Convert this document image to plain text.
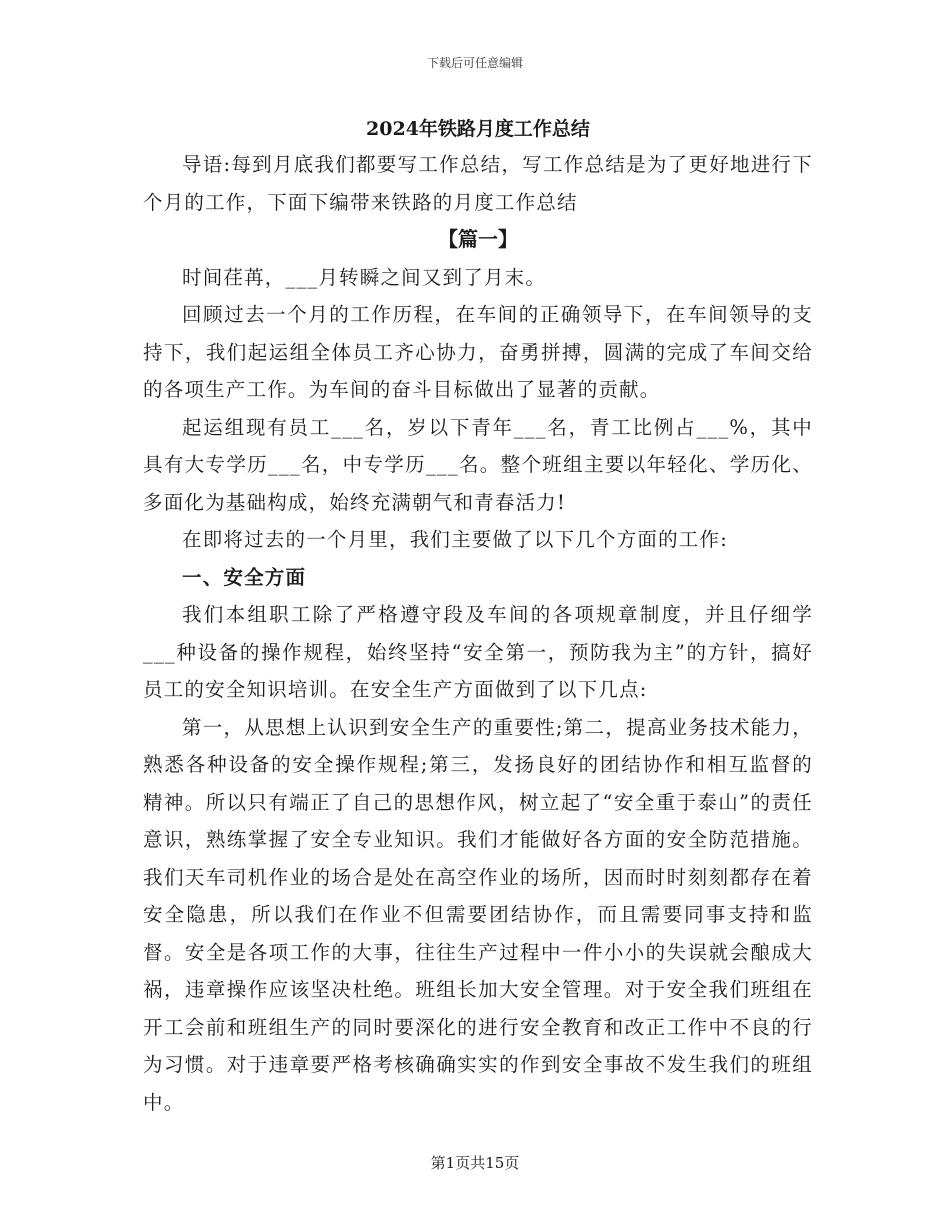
下载后可任意编辑
2024年铁路月度工作总结

导语:每到月底我们都要写工作总结，写工作总结是为了更好地进行下个月的工作，下面下编带来铁路的月度工作总结

【篇一】

时间荏苒，___月转瞬之间又到了月末。

回顾过去一个月的工作历程，在车间的正确领导下，在车间领导的支持下，我们起运组全体员工齐心协力，奋勇拼搏，圆满的完成了车间交给的各项生产工作。为车间的奋斗目标做出了显著的贡献。

起运组现有员工___名，岁以下青年___名，青工比例占___%，其中具有大专学历___名，中专学历___名。整个班组主要以年轻化、学历化、多面化为基础构成，始终充满朝气和青春活力!

在即将过去的一个月里，我们主要做了以下几个方面的工作:

一、安全方面

我们本组职工除了严格遵守段及车间的各项规章制度，并且仔细学___种设备的操作规程，始终坚持“安全第一，预防我为主”的方针，搞好员工的安全知识培训。在安全生产方面做到了以下几点:

第一，从思想上认识到安全生产的重要性;第二，提高业务技术能力，熟悉各种设备的安全操作规程;第三，发扬良好的团结协作和相互监督的精神。所以只有端正了自己的思想作风，树立起了“安全重于泰山”的责任意识，熟练掌握了安全专业知识。我们才能做好各方面的安全防范措施。我们天车司机作业的场合是处在高空作业的场所，因而时时刻刻都存在着安全隐患，所以我们在作业不但需要团结协作，而且需要同事支持和监督。安全是各项工作的大事，往往生产过程中一件小小的失误就会酿成大祸，违章操作应该坚决杜绝。班组长加大安全管理。对于安全我们班组在开工会前和班组生产的同时要深化的进行安全教育和改正工作中不良的行为习惯。对于违章要严格考核确确实实的作到安全事故不发生我们的班组中。

第1页共15页
